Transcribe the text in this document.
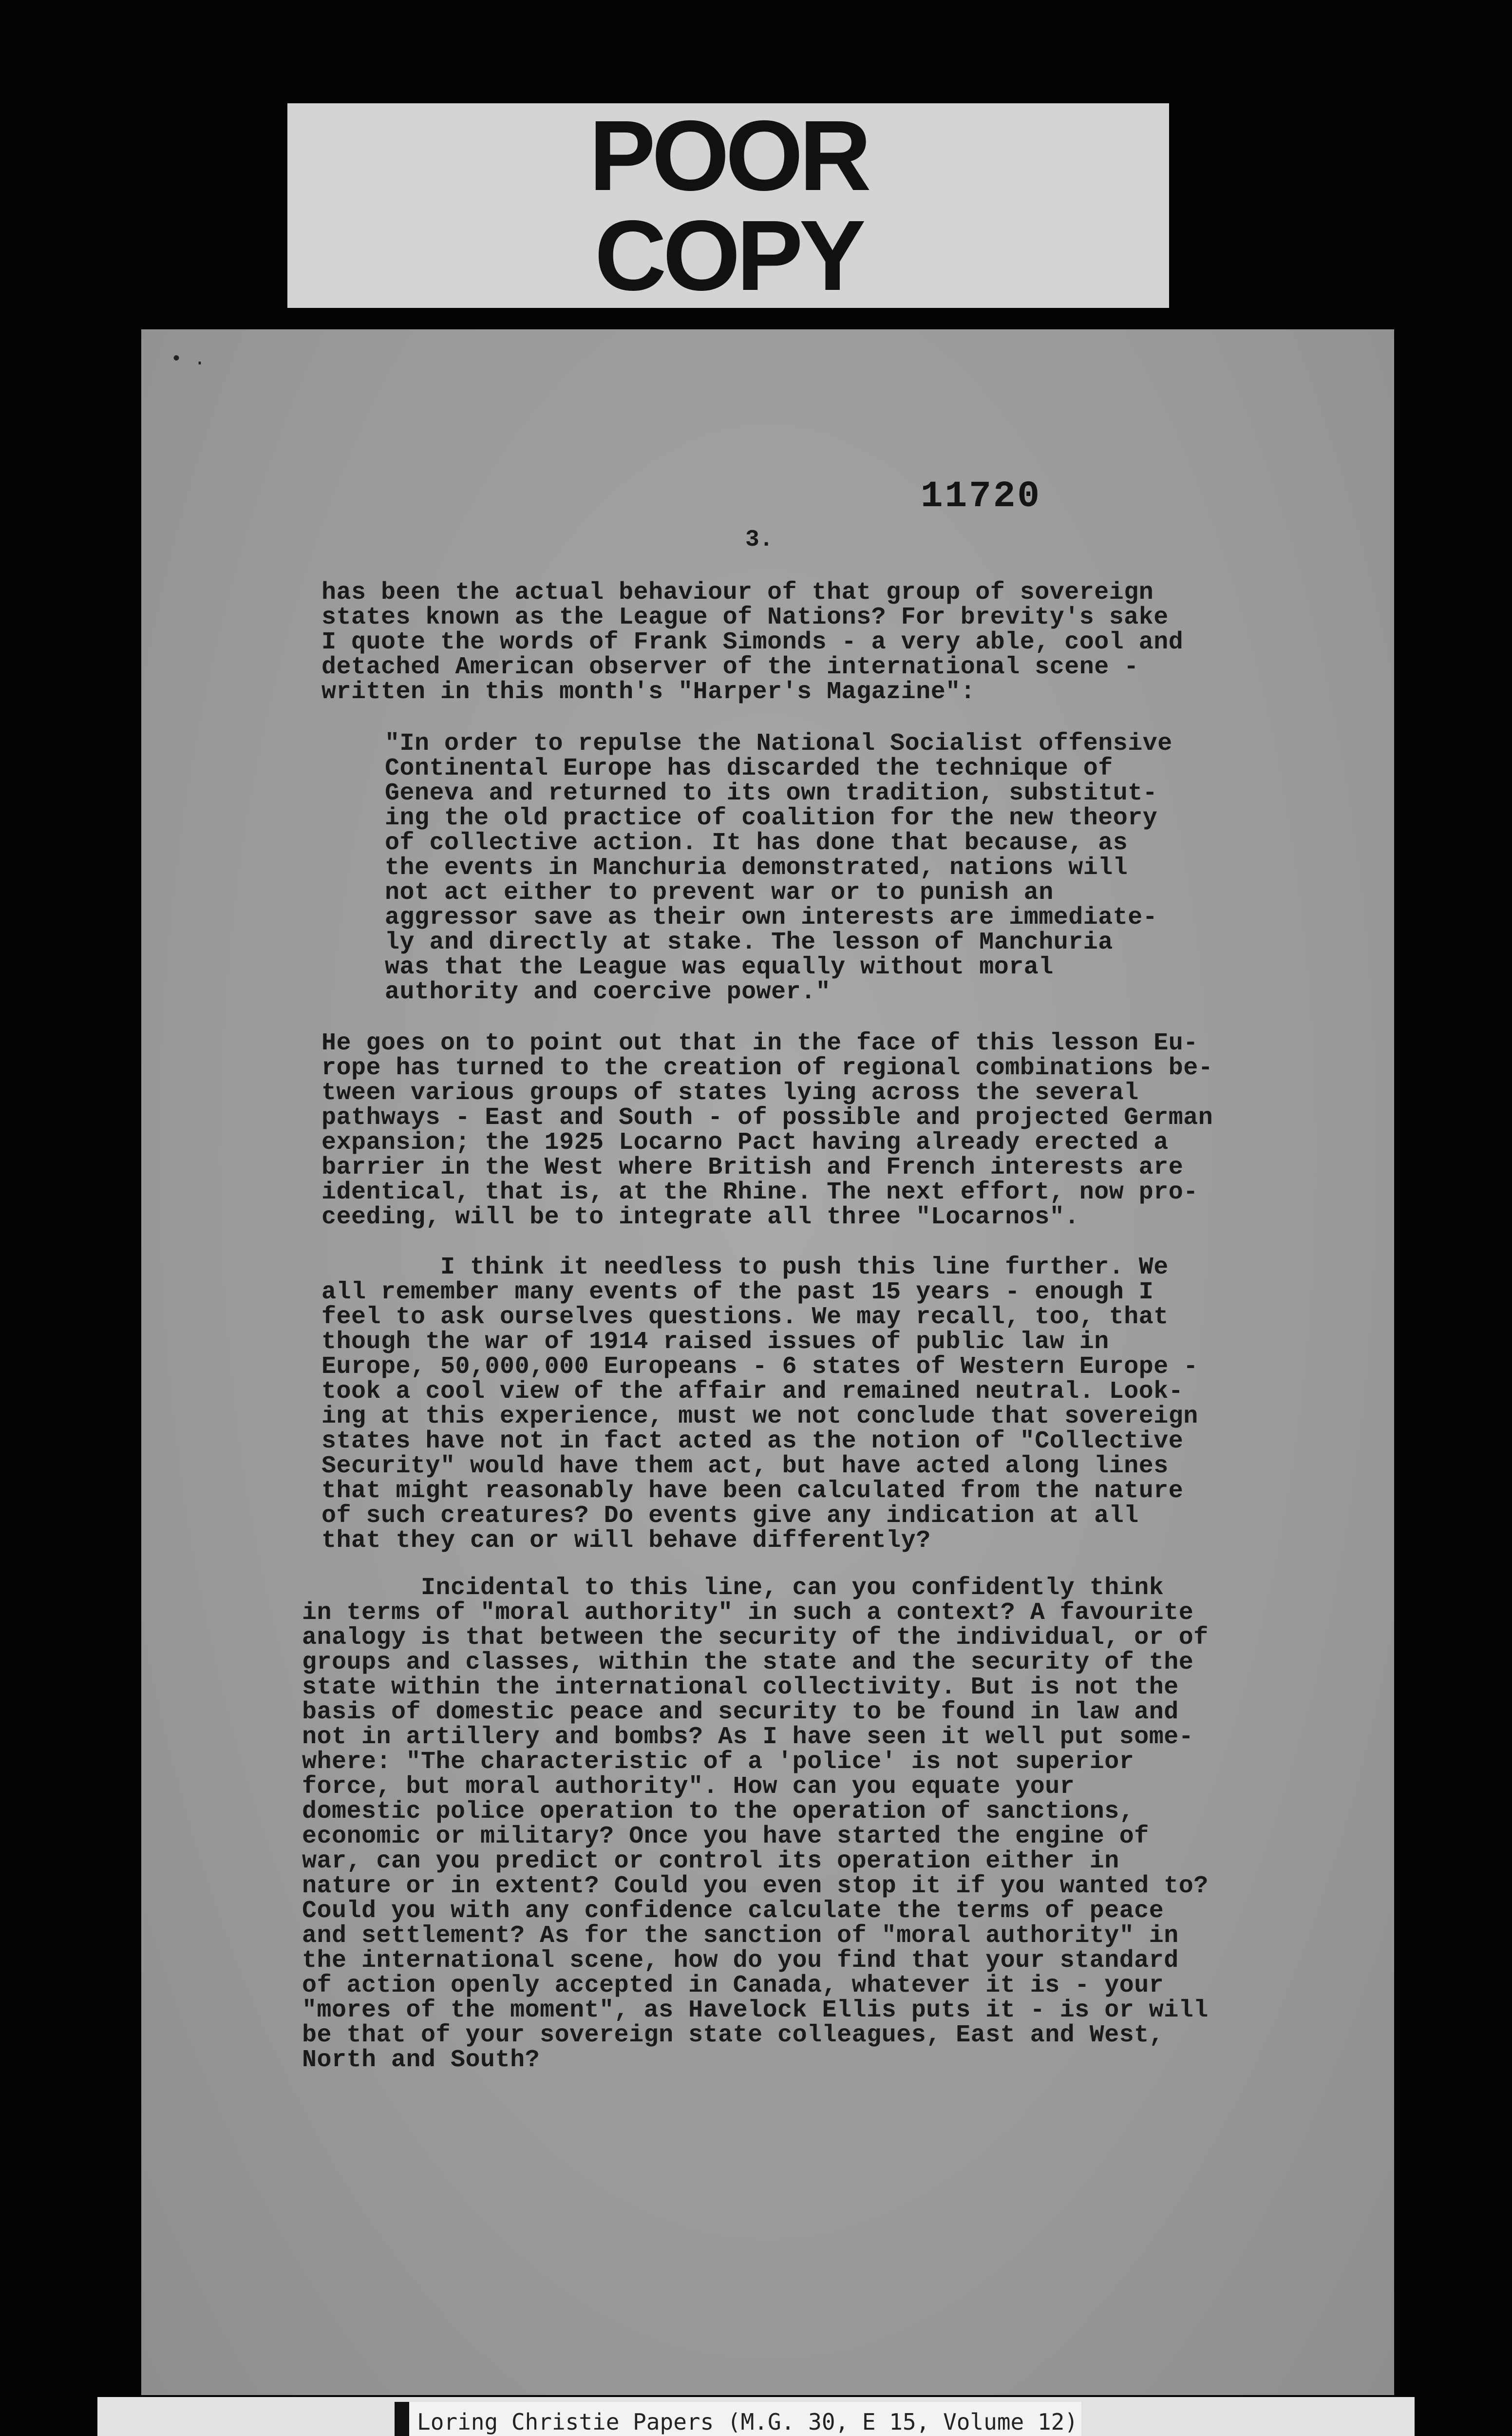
POOR
COPY
• .
11720
3.
has been the actual behaviour of that group of sovereign
states known as the League of Nations? For brevity's sake
I quote the words of Frank Simonds - a very able, cool and
detached American observer of the international scene -
written in this month's "Harper's Magazine":
"In order to repulse the National Socialist offensive
Continental Europe has discarded the technique of
Geneva and returned to its own tradition, substitut-
ing the old practice of coalition for the new theory
of collective action. It has done that because, as
the events in Manchuria demonstrated, nations will
not act either to prevent war or to punish an
aggressor save as their own interests are immediate-
ly and directly at stake. The lesson of Manchuria
was that the League was equally without moral
authority and coercive power."
He goes on to point out that in the face of this lesson Eu-
rope has turned to the creation of regional combinations be-
tween various groups of states lying across the several
pathways - East and South - of possible and projected German
expansion; the 1925 Locarno Pact having already erected a
barrier in the West where British and French interests are
identical, that is, at the Rhine. The next effort, now pro-
ceeding, will be to integrate all three "Locarnos".
I think it needless to push this line further. We
all remember many events of the past 15 years - enough I
feel to ask ourselves questions. We may recall, too, that
though the war of 1914 raised issues of public law in
Europe, 50,000,000 Europeans - 6 states of Western Europe -
took a cool view of the affair and remained neutral. Look-
ing at this experience, must we not conclude that sovereign
states have not in fact acted as the notion of "Collective
Security" would have them act, but have acted along lines
that might reasonably have been calculated from the nature
of such creatures? Do events give any indication at all
that they can or will behave differently?
Incidental to this line, can you confidently think
in terms of "moral authority" in such a context? A favourite
analogy is that between the security of the individual, or of
groups and classes, within the state and the security of the
state within the international collectivity. But is not the
basis of domestic peace and security to be found in law and
not in artillery and bombs? As I have seen it well put some-
where: "The characteristic of a 'police' is not superior
force, but moral authority". How can you equate your
domestic police operation to the operation of sanctions,
economic or military? Once you have started the engine of
war, can you predict or control its operation either in
nature or in extent? Could you even stop it if you wanted to?
Could you with any confidence calculate the terms of peace
and settlement? As for the sanction of "moral authority" in
the international scene, how do you find that your standard
of action openly accepted in Canada, whatever it is - your
"mores of the moment", as Havelock Ellis puts it - is or will
be that of your sovereign state colleagues, East and West,
North and South?
Loring Christie Papers (M.G. 30, E 15, Volume 12)
